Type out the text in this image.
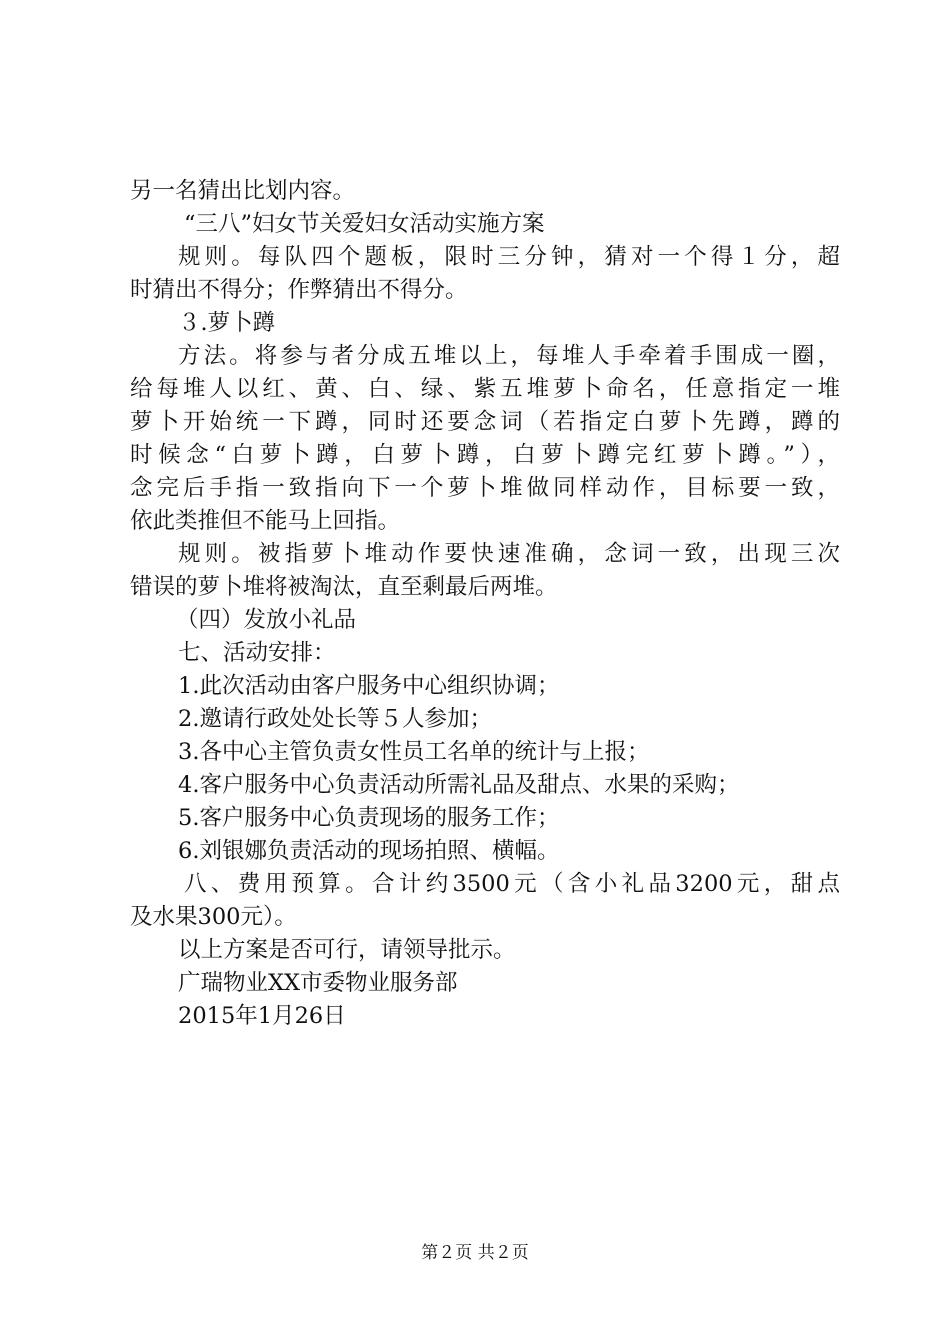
另一名猜出比划内容。
“三八”妇女节关爱妇女活动实施方案
规则。每队四个题板，限时三分钟，猜对一个得１分，超
时猜出不得分；作弊猜出不得分。
３.萝卜蹲
方法。将参与者分成五堆以上，每堆人手牵着手围成一圈，
给每堆人以红、黄、白、绿、紫五堆萝卜命名，任意指定一堆
萝卜开始统一下蹲，同时还要念词（若指定白萝卜先蹲，蹲的
时候念“白萝卜蹲，白萝卜蹲，白萝卜蹲完红萝卜蹲。”），
念完后手指一致指向下一个萝卜堆做同样动作，目标要一致，
依此类推但不能马上回指。
规则。被指萝卜堆动作要快速准确，念词一致，出现三次
错误的萝卜堆将被淘汰，直至剩最后两堆。
（四）发放小礼品
七、活动安排：
1.此次活动由客户服务中心组织协调；
2.邀请行政处处长等５人参加；
3.各中心主管负责女性员工名单的统计与上报；
4.客户服务中心负责活动所需礼品及甜点、水果的采购；
5.客户服务中心负责现场的服务工作；
6.刘银娜负责活动的现场拍照、横幅。
八、费用预算。合计约3500元（含小礼品3200元，甜点
及水果300元）。
以上方案是否可行，请领导批示。
广瑞物业XX市委物业服务部
2015年1月26日
第２页 共２页
